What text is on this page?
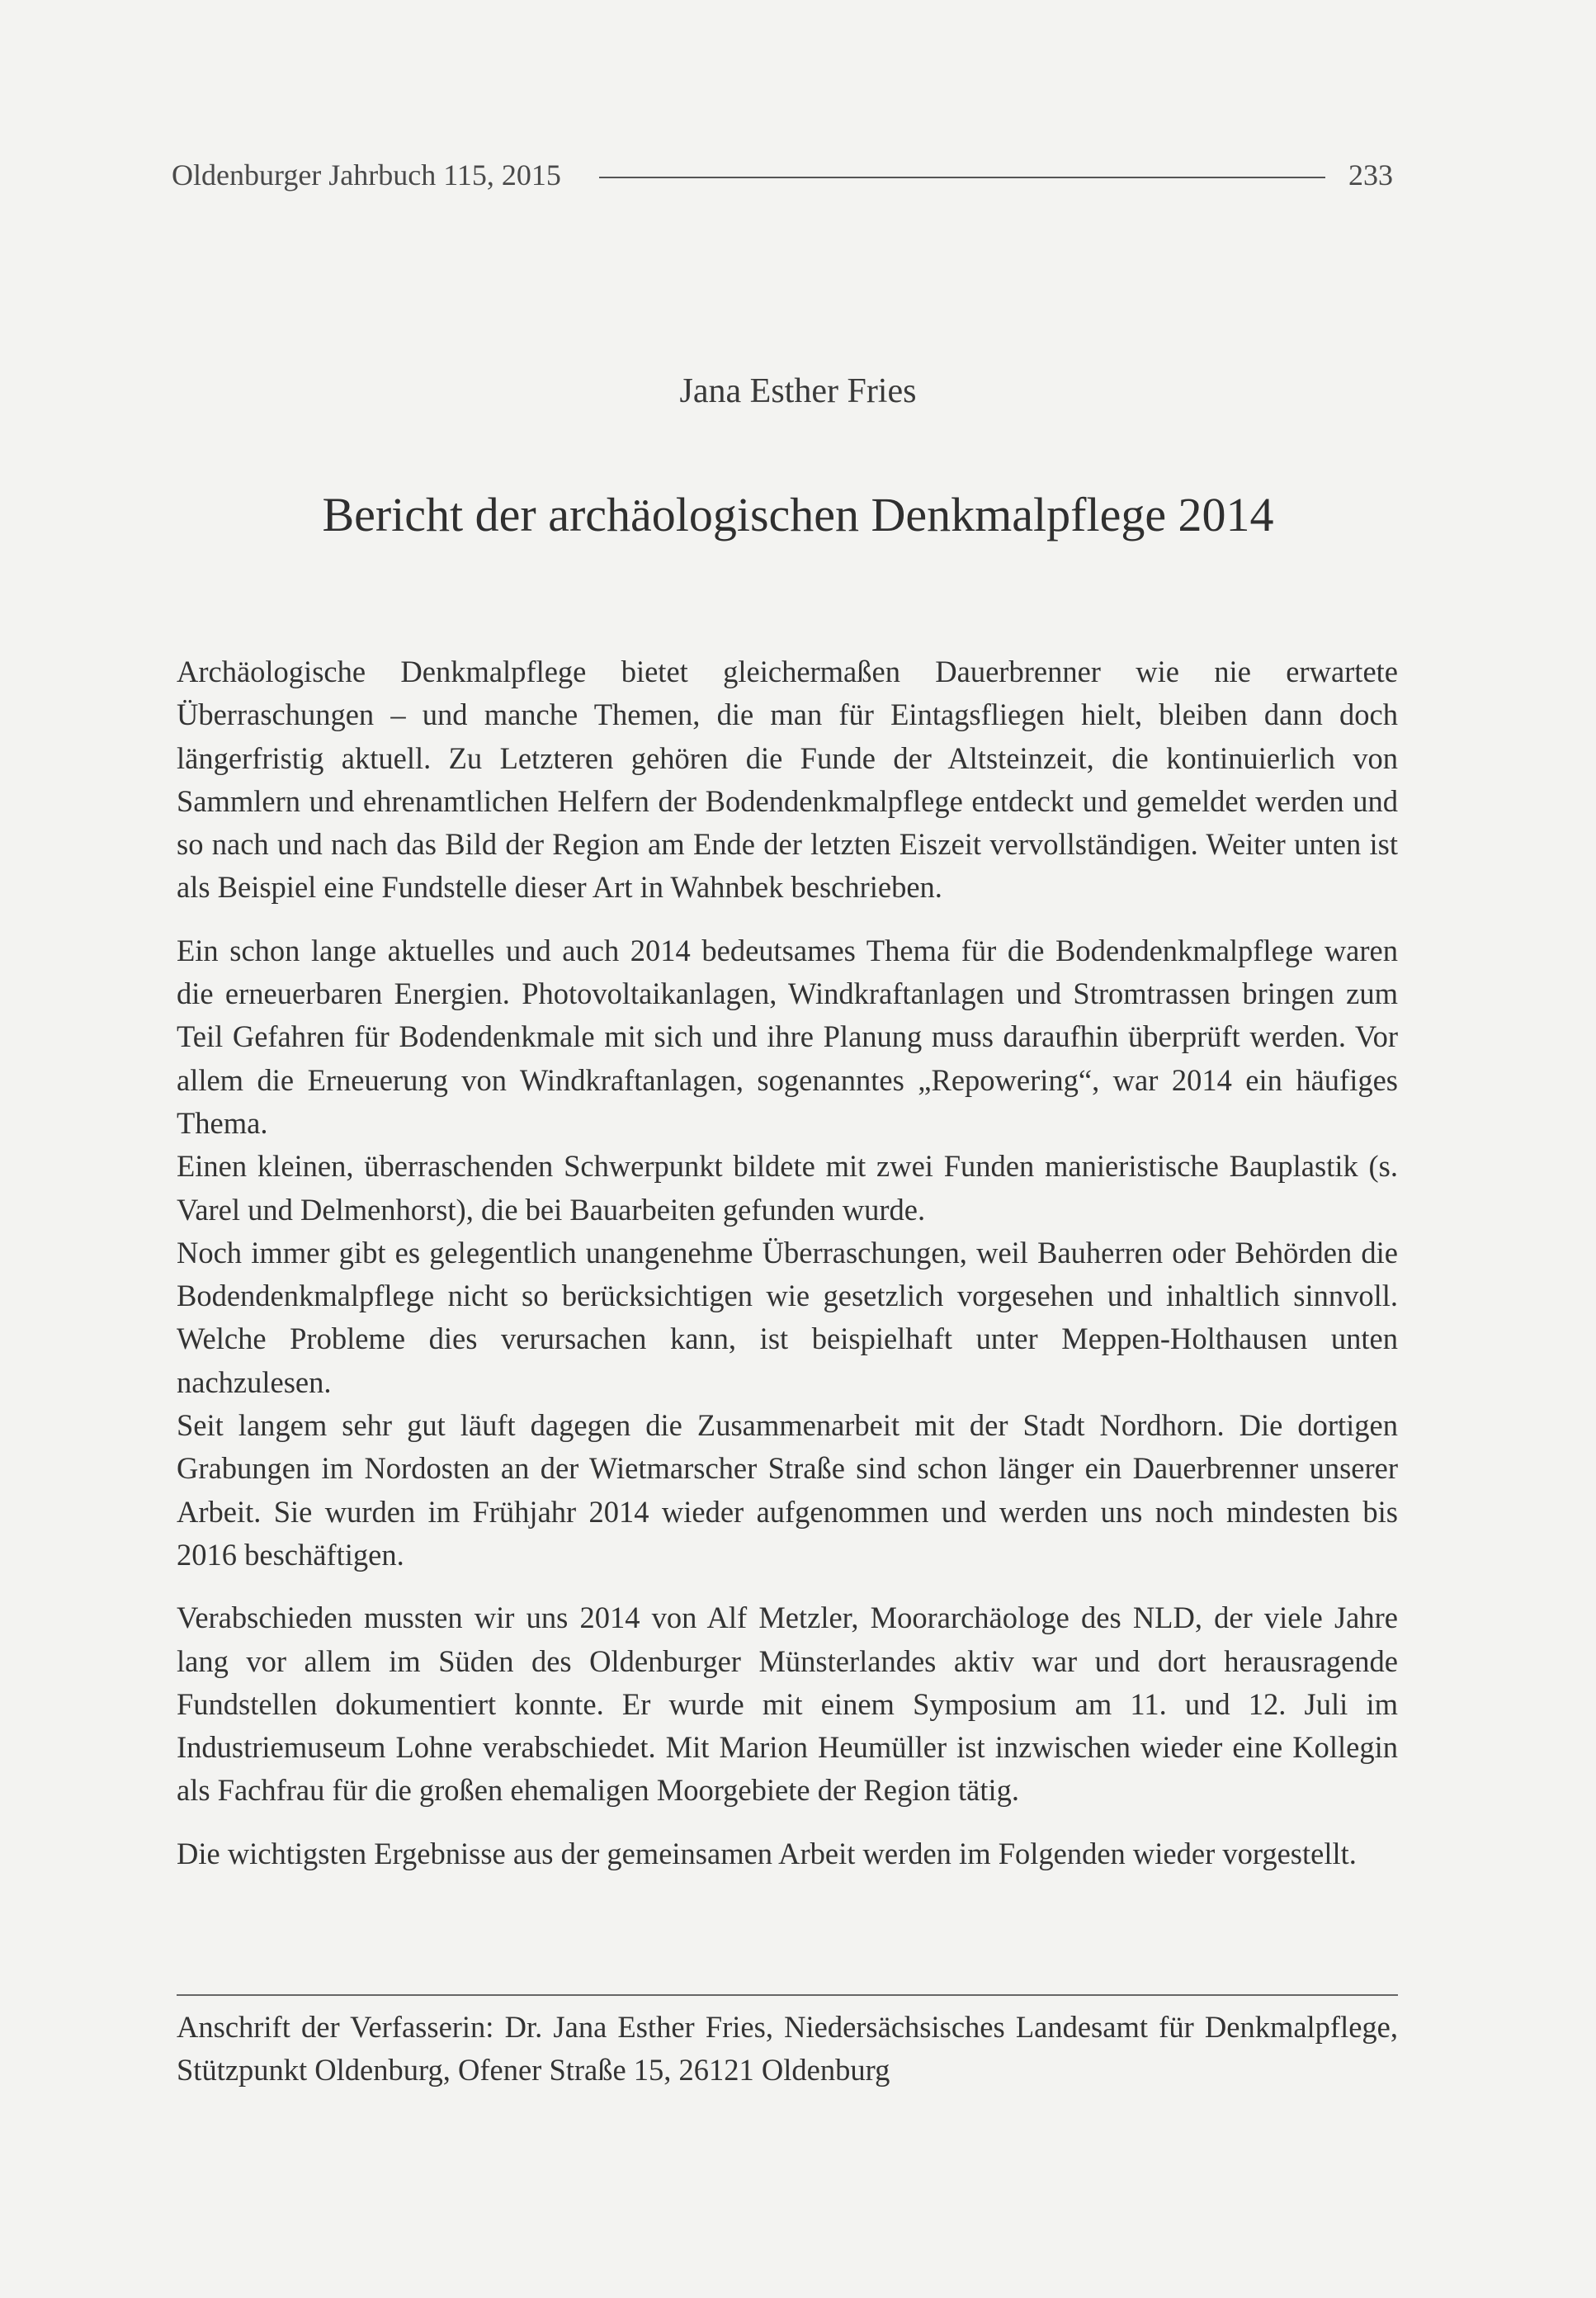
Oldenburger Jahrbuch 115, 2015	233
Jana Esther Fries
Bericht der archäologischen Denkmalpflege 2014

Archäologische Denkmalpflege bietet gleichermaßen Dauerbrenner wie nie erwartete Überraschungen – und manche Themen, die man für Eintagsfliegen hielt, bleiben dann doch längerfristig aktuell. Zu Letzteren gehören die Funde der Altsteinzeit, die kontinuierlich von Sammlern und ehrenamtlichen Helfern der Bodendenkmalpflege entdeckt und gemeldet werden und so nach und nach das Bild der Region am Ende der letzten Eiszeit vervollständigen. Weiter unten ist als Beispiel eine Fundstelle dieser Art in Wahnbek beschrieben.

Ein schon lange aktuelles und auch 2014 bedeutsames Thema für die Bodendenkmalpflege waren die erneuerbaren Energien. Photovoltaikanlagen, Windkraftanlagen und Stromtrassen bringen zum Teil Gefahren für Bodendenkmale mit sich und ihre Planung muss daraufhin überprüft werden. Vor allem die Erneuerung von Windkraftanlagen, sogenanntes „Repowering“, war 2014 ein häufiges Thema.

Einen kleinen, überraschenden Schwerpunkt bildete mit zwei Funden manieristische Bauplastik (s. Varel und Delmenhorst), die bei Bauarbeiten gefunden wurde.

Noch immer gibt es gelegentlich unangenehme Überraschungen, weil Bauherren oder Behörden die Bodendenkmalpflege nicht so berücksichtigen wie gesetzlich vorgesehen und inhaltlich sinnvoll. Welche Probleme dies verursachen kann, ist beispielhaft unter Meppen-Holthausen unten nachzulesen.

Seit langem sehr gut läuft dagegen die Zusammenarbeit mit der Stadt Nordhorn. Die dortigen Grabungen im Nordosten an der Wietmarscher Straße sind schon länger ein Dauerbrenner unserer Arbeit. Sie wurden im Frühjahr 2014 wieder aufgenommen und werden uns noch mindesten bis 2016 beschäftigen.

Verabschieden mussten wir uns 2014 von Alf Metzler, Moorarchäologe des NLD, der viele Jahre lang vor allem im Süden des Oldenburger Münsterlandes aktiv war und dort herausragende Fundstellen dokumentiert konnte. Er wurde mit einem Symposium am 11. und 12. Juli im Industriemuseum Lohne verabschiedet. Mit Marion Heumüller ist inzwischen wieder eine Kollegin als Fachfrau für die großen ehemaligen Moorgebiete der Region tätig.

Die wichtigsten Ergebnisse aus der gemeinsamen Arbeit werden im Folgenden wieder vorgestellt.

Anschrift der Verfasserin: Dr. Jana Esther Fries, Niedersächsisches Landesamt für Denkmalpflege, Stützpunkt Oldenburg, Ofener Straße 15, 26121 Oldenburg
